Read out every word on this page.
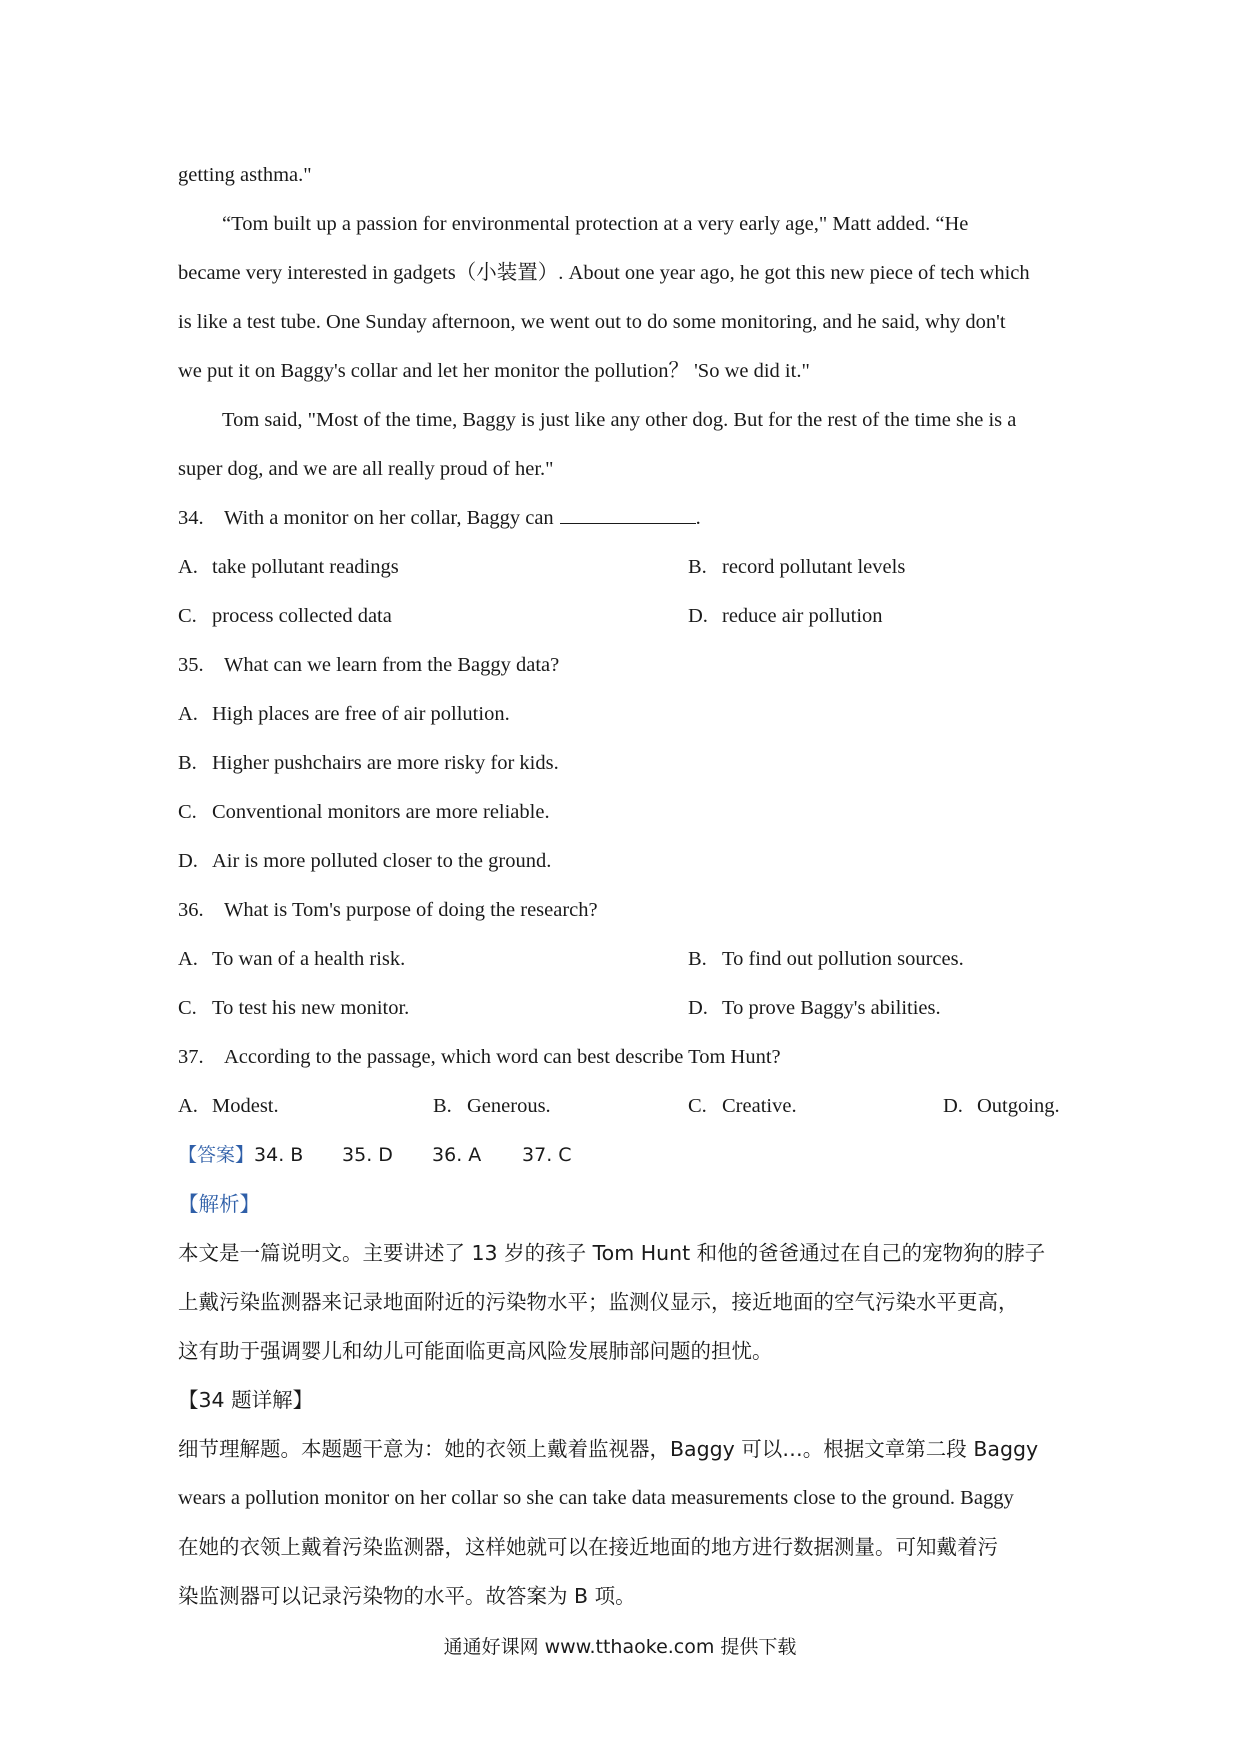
getting asthma."
“Tom built up a passion for environmental protection at a very early age," Matt added. “He
became very interested in gadgets（小装置）. About one year ago, he got this new piece of tech which
is like a test tube. One Sunday afternoon, we went out to do some monitoring, and he said, why don't
we put it on Baggy's collar and let her monitor the pollution？ 'So we did it."
Tom said, "Most of the time, Baggy is just like any other dog. But for the rest of the time she is a
super dog, and we are all really proud of her."
34. With a monitor on her collar, Baggy can	.
A. take pollutant readings	B. record pollutant levels
C. process collected data	D. reduce air pollution
35. What can we learn from the Baggy data?
A. High places are free of air pollution.
B. Higher pushchairs are more risky for kids.
C. Conventional monitors are more reliable.
D. Air is more polluted closer to the ground.
36. What is Tom's purpose of doing the research?
A. To wan of a health risk.	B. To find out pollution sources.
C. To test his new monitor.	D. To prove Baggy's abilities.
37. According to the passage, which word can best describe Tom Hunt?
A. Modest.	B. Generous.	C. Creative.	D. Outgoing.
【答案】34. B 35. D 36. A 37. C
【解析】
本文是一篇说明文。主要讲述了 13 岁的孩子 Tom Hunt 和他的爸爸通过在自己的宠物狗的脖子
上戴污染监测器来记录地面附近的污染物水平；监测仪显示，接近地面的空气污染水平更高，
这有助于强调婴儿和幼儿可能面临更高风险发展肺部问题的担忧。
【34 题详解】
细节理解题。本题题干意为：她的衣领上戴着监视器，Baggy 可以…。根据文章第二段 Baggy
wears a pollution monitor on her collar so she can take data measurements close to the ground. Baggy
在她的衣领上戴着污染监测器，这样她就可以在接近地面的地方进行数据测量。可知戴着污
染监测器可以记录污染物的水平。故答案为 B 项。
通通好课网 www.tthaoke.com 提供下载
